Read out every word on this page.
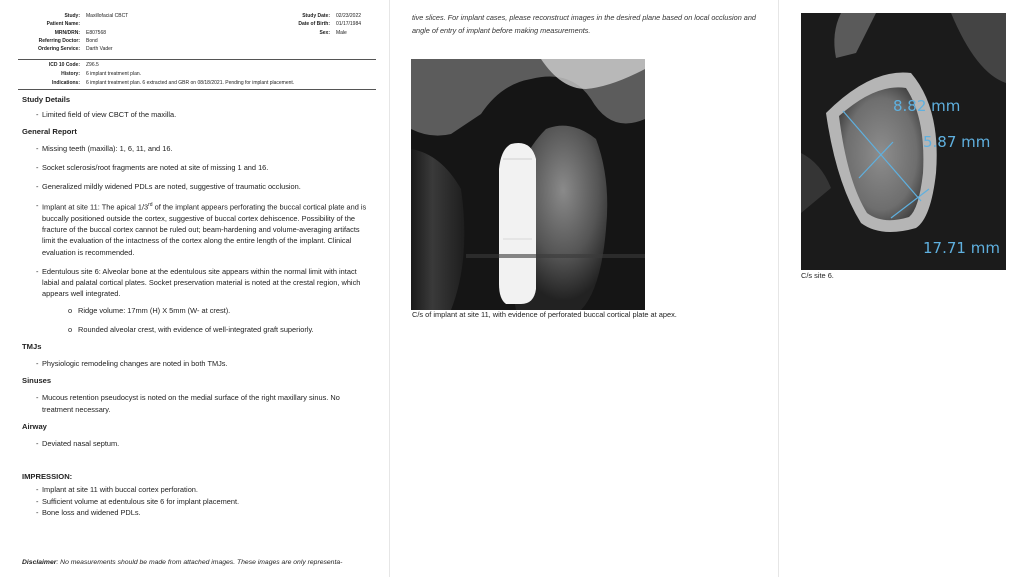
Study: Maxillofacial CBCT	Study Date: 02/23/2022
Patient Name:	Date of Birth: 01/17/1984
MRN/DRN: E807568	Sex: Male
Referring Doctor: Bond
Ordering Service: Darth Vader
ICD 10 Code: Z96.5
History: 6 implant treatment plan.
Indications: 6 implant treatment plan. 6 extracted and GBR on 08/18/2021. Pending for implant placement.

Study Details

- Limited field of view CBCT of the maxilla.

General Report

- Missing teeth (maxilla): 1, 6, 11, and 16.

- Socket sclerosis/root fragments are noted at site of missing 1 and 16.

- Generalized mildly widened PDLs are noted, suggestive of traumatic occlusion.

- Implant at site 11: The apical 1/3rd of the implant appears perforating the buccal cortical plate and is buccally positioned outside the cortex, suggestive of buccal cortex dehiscence. Possibility of the fracture of the buccal cortex cannot be ruled out; beam-hardening and volume-averaging artifacts limit the evaluation of the intactness of the cortex along the entire length of the implant. Clinical evaluation is recommended.

- Edentulous site 6: Alveolar bone at the edentulous site appears within the normal limit with intact labial and palatal cortical plates. Socket preservation material is noted at the crestal region, which appears well integrated.

o Ridge volume: 17mm (H) X 5mm (W- at crest).

o Rounded alveolar crest, with evidence of well-integrated graft superiorly.

TMJs

- Physiologic remodeling changes are noted in both TMJs.

Sinuses

- Mucous retention pseudocyst is noted on the medial surface of the right maxillary sinus. No treatment necessary.

Airway

- Deviated nasal septum.

IMPRESSION:

- Implant at site 11 with buccal cortex perforation.

- Sufficient volume at edentulous site 6 for implant placement.

- Bone loss and widened PDLs.

Disclaimer: No measurements should be made from attached images. These images are only representa-
tive slices. For implant cases, please reconstruct images in the desired plane based on local occlusion and angle of entry of implant before making measurements.
C/s of implant at site 11, with evidence of perforated buccal cortical plate at apex.
8.82 mm
5.87 mm
17.71 mm
C/s site 6.
